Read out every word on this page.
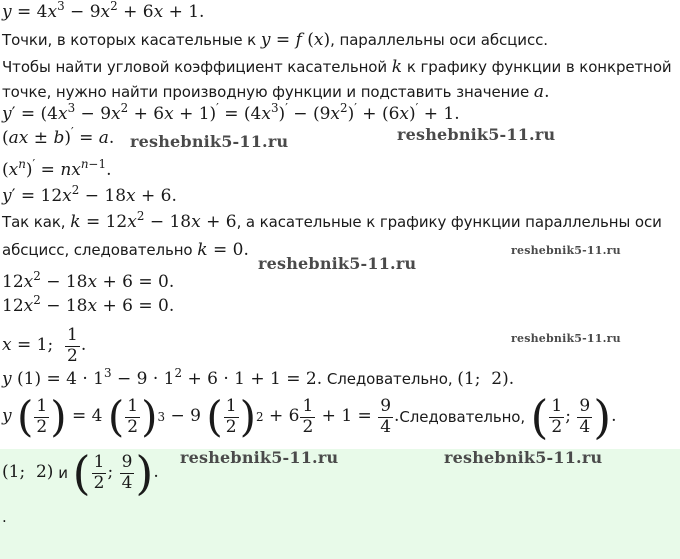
$y = 4x^3 - 9x^2 + 6x + 1$.
Точки, в которых касательные к y = f (x), параллельны оси абсцисс.
Чтобы найти угловой коэффициент касательной k к графику функции в конкретной
точке, нужно найти производную функции и подставить значение a.
$y' = (4x^3 - 9x^2 + 6x + 1)' = (4x^3)' - (9x^2)' + (6x)' + 1$.
(ax ± b)′ = a.
$(x^n)' = nx^{n-1}$.
$y' = 12x^2 - 18x + 6$.
Так как, $k = 12x^2 - 18x + 6$, а касательные к графику функции параллельны оси
абсцисс, следовательно k = 0.
$12x^2 - 18x + 6 = 0$.
$12x^2 - 18x + 6 = 0$.
x = 1;
1
2
.
y $(1) = 4 \cdot 1^3 - 9 \cdot 1^2 + 6 \cdot 1 + 1 = 2$. Следовательно, (1;  2).
y
( 1
2 ) = 4 ( 1
2 ) 3 − 9 ( 1
2 ) 2 + 6
1
2
+ 1 =
9
4
. Следовательно,
( 1
2
;
9
4 ) .
(1;  2)
и
( 1
2
;
9
4 ) .
.
reshebnik5-11.ru	reshebnik5-11.ru
reshebnik5-11.ru
reshebnik5-11.ru
reshebnik5-11.ru
reshebnik5-11.ru	reshebnik5-11.ru
